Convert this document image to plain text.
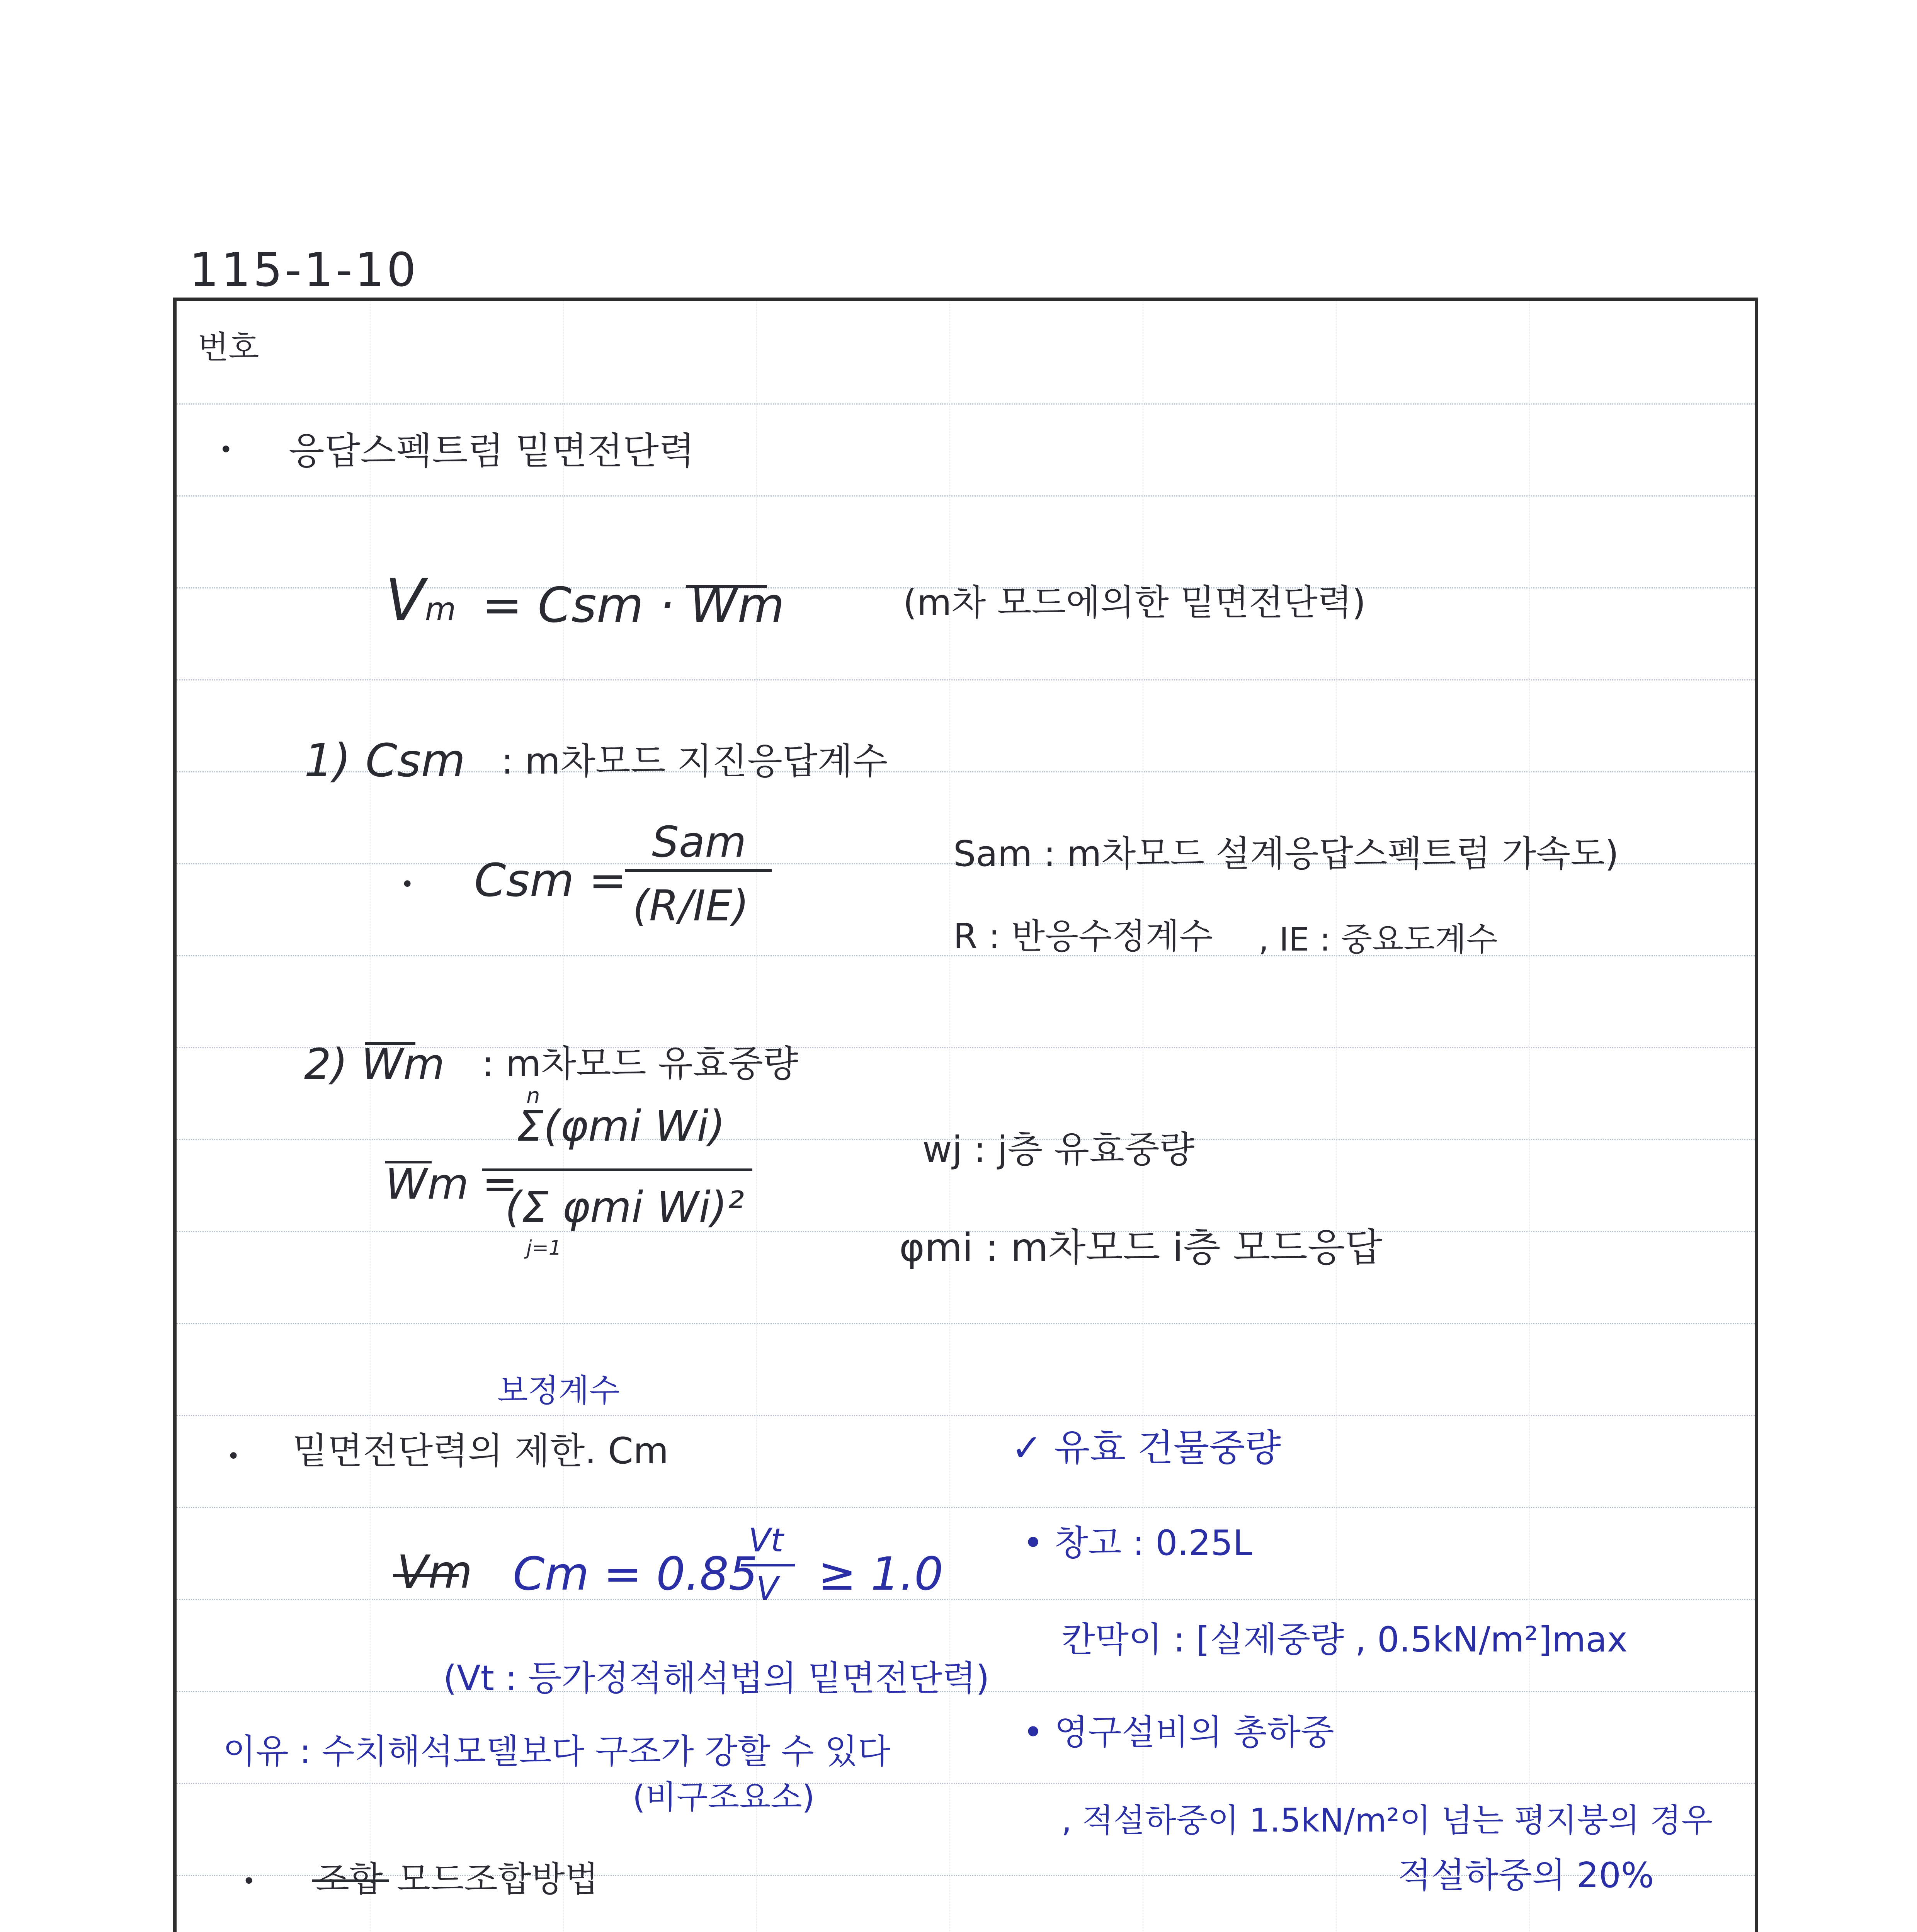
115-1-10
번호
• 응답스펙트럼 밑면전단력
Vm = Csm · Wm	(m차 모드에의한 밑면전단력)
1) Csm : m차모드 지진응답계수
• Csm =
Sam
(R/IE)
Sam : m차모드 설계응답스펙트럼 가속도)
R : 반응수정계수 , IE : 중요도계수
2) Wm : m차모드 유효중량
Wm =
n
Σ(φmi Wi)
(Σ φmi Wi)²
j=1
wj : j층 유효중량
φmi : m차모드 i층 모드응답
보정계수
• 밑면전단력의 제한. Cm
Vm Cm = 0.85
Vt
V ≥ 1.0
(Vt : 등가정적해석법의 밑면전단력)
이유 : 수치해석모델보다 구조가 강할 수 있다
(비구조요소)
✓ 유효 건물중량
• 창고 : 0.25L
칸막이 : [실제중량 , 0.5kN/m²]max
• 영구설비의 총하중
, 적설하중이 1.5kN/m²이 넘는 평지붕의 경우
적설하중의 20%
• 조합 모드조합방법
